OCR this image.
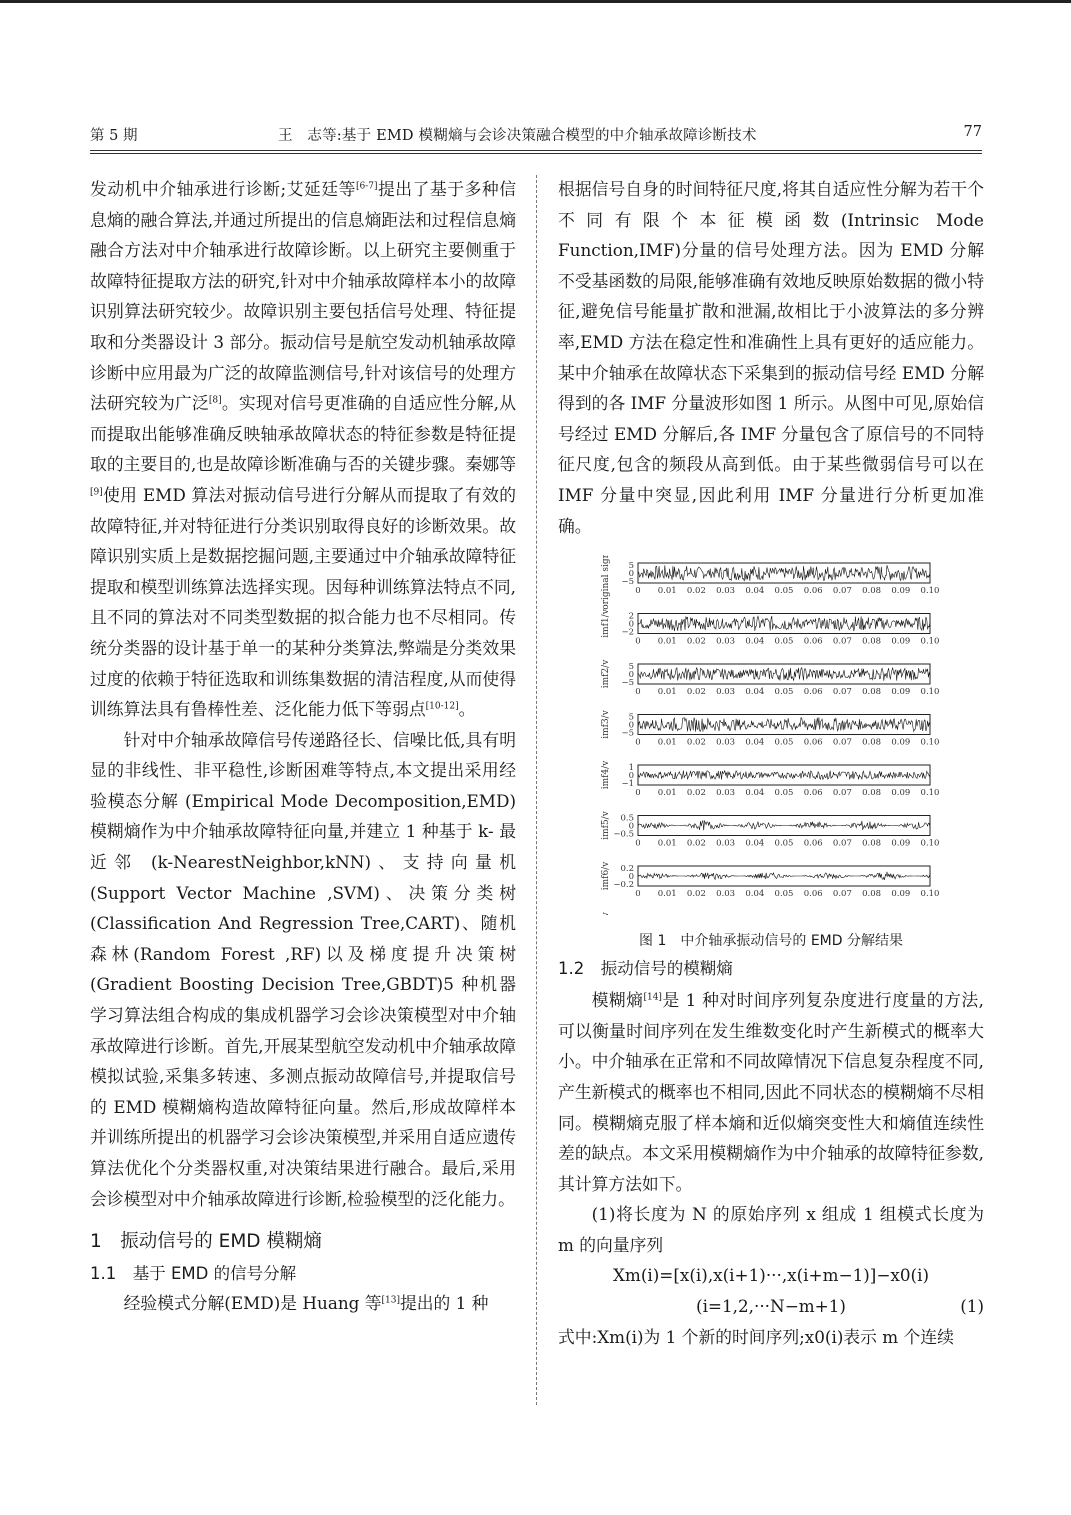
第 5 期	王　志等:基于 EMD 模糊熵与会诊决策融合模型的中介轴承故障诊断技术	77

发动机中介轴承进行诊断;艾延廷等[6-7]提出了基于多种信息熵的融合算法,并通过所提出的信息熵距法和过程信息熵融合方法对中介轴承进行故障诊断。以上研究主要侧重于故障特征提取方法的研究,针对中介轴承故障样本小的故障识别算法研究较少。故障识别主要包括信号处理、特征提取和分类器设计 3 部分。振动信号是航空发动机轴承故障诊断中应用最为广泛的故障监测信号,针对该信号的处理方法研究较为广泛[8]。实现对信号更准确的自适应性分解,从而提取出能够准确反映轴承故障状态的特征参数是特征提取的主要目的,也是故障诊断准确与否的关键步骤。秦娜等[9]使用 EMD 算法对振动信号进行分解从而提取了有效的故障特征,并对特征进行分类识别取得良好的诊断效果。故障识别实质上是数据挖掘问题,主要通过中介轴承故障特征提取和模型训练算法选择实现。因每种训练算法特点不同,且不同的算法对不同类型数据的拟合能力也不尽相同。传统分类器的设计基于单一的某种分类算法,弊端是分类效果过度的依赖于特征选取和训练集数据的清洁程度,从而使得训练算法具有鲁棒性差、泛化能力低下等弱点[10-12]。

针对中介轴承故障信号传递路径长、信噪比低,具有明显的非线性、非平稳性,诊断困难等特点,本文提出采用经验模态分解 (Empirical Mode Decomposition,EMD)模糊熵作为中介轴承故障特征向量,并建立 1 种基于 k- 最近邻 (k-NearestNeighbor,kNN)、支持向量机(Support Vector Machine ,SVM)、决策分类树(Classification And Regression Tree,CART)、随机森林(Random Forest ,RF)以及梯度提升决策树(Gradient Boosting Decision Tree,GBDT)5 种机器学习算法组合构成的集成机器学习会诊决策模型对中介轴承故障进行诊断。首先,开展某型航空发动机中介轴承故障模拟试验,采集多转速、多测点振动故障信号,并提取信号的 EMD 模糊熵构造故障特征向量。然后,形成故障样本并训练所提出的机器学习会诊决策模型,并采用自适应遗传算法优化个分类器权重,对决策结果进行融合。最后,采用会诊模型对中介轴承故障进行诊断,检验模型的泛化能力。

1　振动信号的 EMD 模糊熵
1.1　基于 EMD 的信号分解

经验模式分解(EMD)是 Huang 等[13]提出的 1 种

根据信号自身的时间特征尺度,将其自适应性分解为若干个不同有限个本征模函数(Intrinsic Mode Function,IMF)分量的信号处理方法。因为 EMD 分解不受基函数的局限,能够准确有效地反映原始数据的微小特征,避免信号能量扩散和泄漏,故相比于小波算法的多分辨率,EMD 方法在稳定性和准确性上具有更好的适应能力。某中介轴承在故障状态下采集到的振动信号经 EMD 分解得到的各 IMF 分量波形如图 1 所示。从图中可见,原始信号经过 EMD 分解后,各 IMF 分量包含了原信号的不同特征尺度,包含的频段从高到低。由于某些微弱信号可以在 IMF 分量中突显,因此利用 IMF 分量进行分析更加准确。

5
0
−5
original signal/v	0 0.01 0.02 0.03 0.04 0.05 0.06 0.07 0.08 0.09 0.10
2
0
−2
imf1/v
0 0.01 0.02 0.03 0.04 0.05 0.06 0.07 0.08 0.09 0.10
5
0
−5
imf2/v
0 0.01 0.02 0.03 0.04 0.05 0.06 0.07 0.08 0.09 0.10
5
0
−5
imf3/v
0 0.01 0.02 0.03 0.04 0.05 0.06 0.07 0.08 0.09 0.10
1
0
−1
imf4/v
0 0.01 0.02 0.03 0.04 0.05 0.06 0.07 0.08 0.09 0.10
0.5
0
−0.5
imf5/v
0 0.01 0.02 0.03 0.04 0.05 0.06 0.07 0.08 0.09 0.10
0.2
0
−0.2
imf6/v
0 0.01 0.02 0.03 0.04 0.05 0.06 0.07 0.08 0.09 0.10
图 1　中介轴承振动信号的 EMD 分解结果
1.2　振动信号的模糊熵

模糊熵[14]是 1 种对时间序列复杂度进行度量的方法,可以衡量时间序列在发生维数变化时产生新模式的概率大小。中介轴承在正常和不同故障情况下信息复杂程度不同,产生新模式的概率也不相同,因此不同状态的模糊熵不尽相同。模糊熵克服了样本熵和近似熵突变性大和熵值连续性差的缺点。本文采用模糊熵作为中介轴承的故障特征参数,其计算方法如下。

(1)将长度为 N 的原始序列 x 组成 1 组模式长度为 m 的向量序列

Xm(i)=[x(i),x(i+1)···,x(i+m−1)]−x0(i)
(i=1,2,···N−m+1)	(1)

式中:Xm(i)为 1 个新的时间序列;x0(i)表示 m 个连续
